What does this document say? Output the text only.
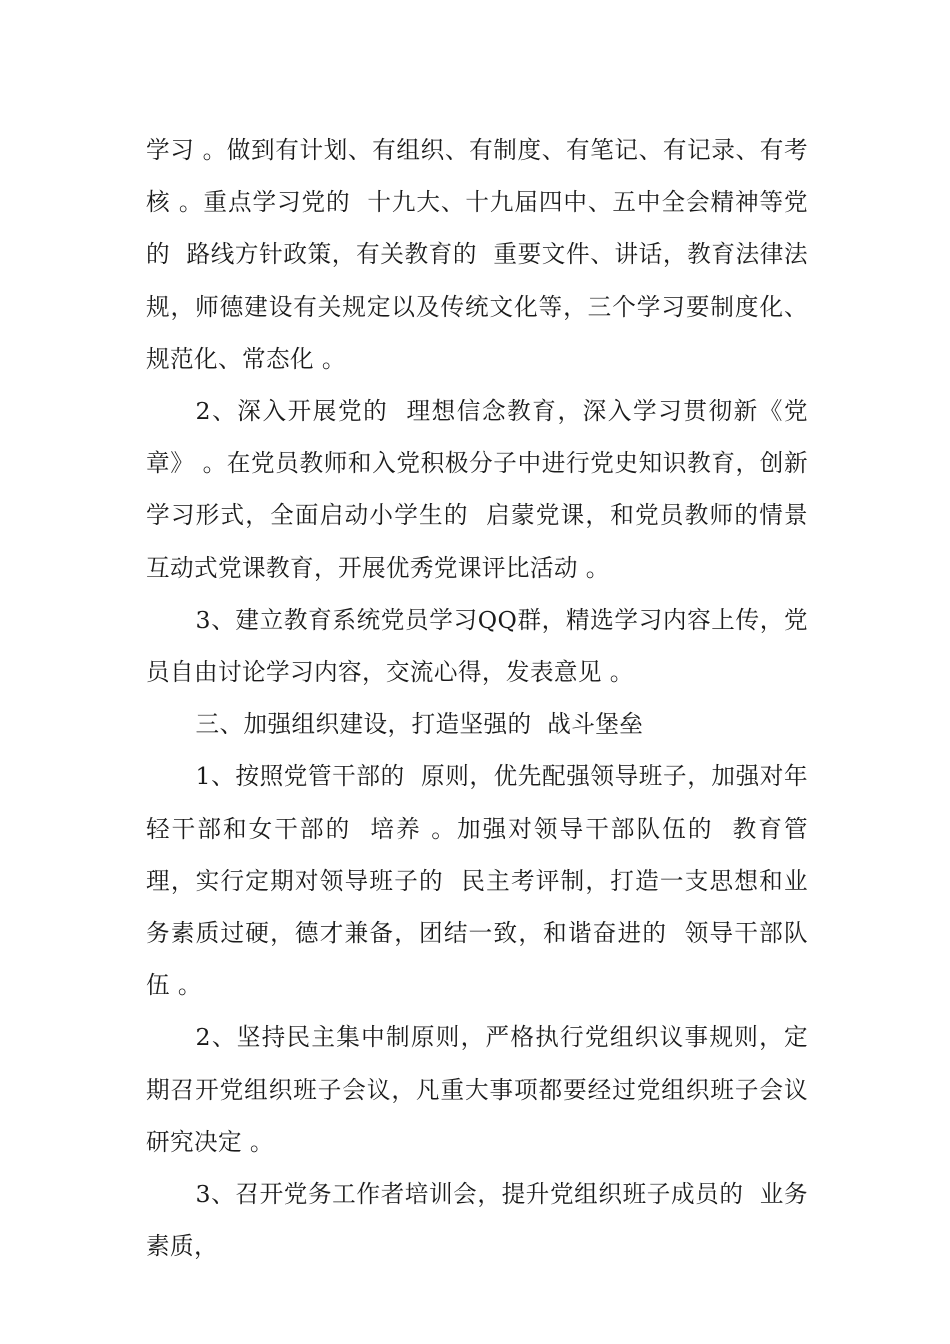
学习 。做到有计划、有组织、有制度、有笔记、有记录、有考核 。重点学习党的  十九大、十九届四中、五中全会精神等党的  路线方针政策，有关教育的  重要文件、讲话，教育法律法规，师德建设有关规定以及传统文化等，三个学习要制度化、规范化、常态化 。

2、深入开展党的  理想信念教育，深入学习贯彻新《党章》 。在党员教师和入党积极分子中进行党史知识教育，创新学习形式，全面启动小学生的  启蒙党课，和党员教师的情景互动式党课教育，开展优秀党课评比活动 。

3、建立教育系统党员学习QQ群，精选学习内容上传，党员自由讨论学习内容，交流心得，发表意见 。

三、加强组织建设，打造坚强的  战斗堡垒

1、按照党管干部的  原则，优先配强领导班子，加强对年轻干部和女干部的  培养 。加强对领导干部队伍的  教育管理，实行定期对领导班子的  民主考评制，打造一支思想和业务素质过硬，德才兼备，团结一致，和谐奋进的  领导干部队伍 。

2、坚持民主集中制原则，严格执行党组织议事规则，定期召开党组织班子会议，凡重大事项都要经过党组织班子会议研究决定 。

3、召开党务工作者培训会，提升党组织班子成员的  业务素质，
